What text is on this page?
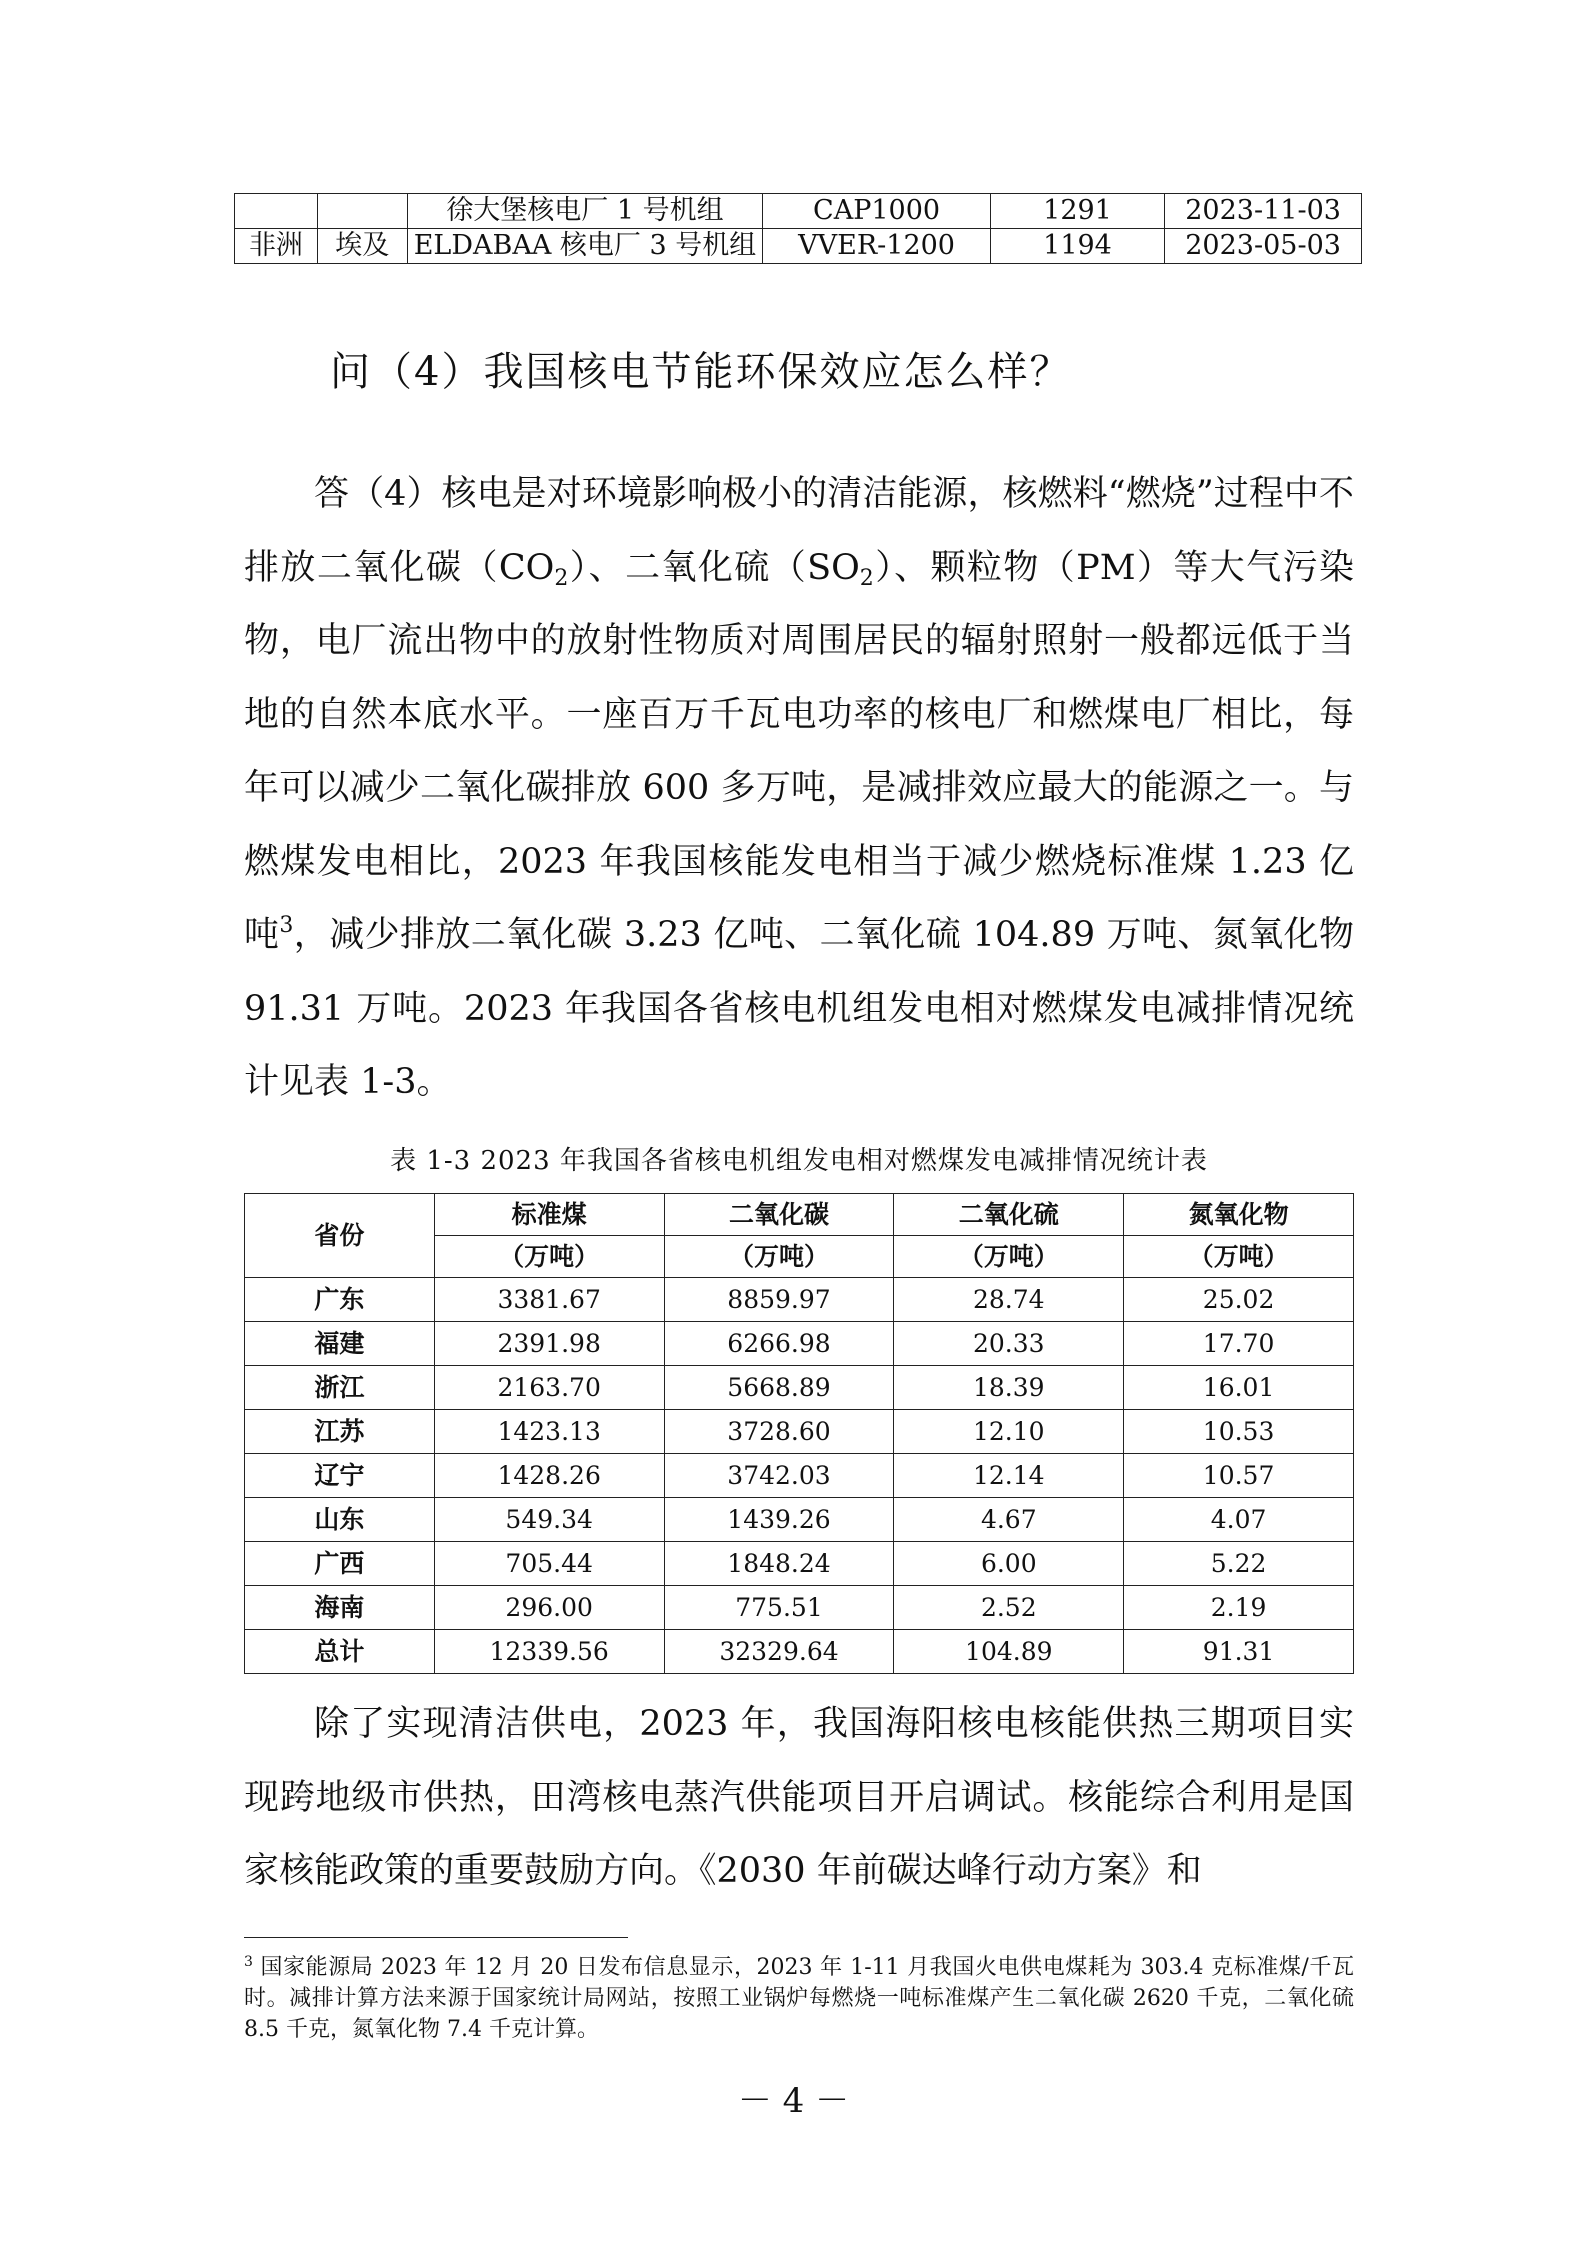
		徐大堡核电厂 1 号机组	CAP1000	1291	2023-11-03
非洲	埃及	ELDABAA 核电厂 3 号机组	VVER-1200	1194	2023-05-03
问（4）我国核电节能环保效应怎么样？

答（4）核电是对环境影响极小的清洁能源，核燃料“燃烧”过程中不排放二氧化碳$(CO_2)$、二氧化硫$(SO_2)$、颗粒物（PM）等大气污染物，电厂流出物中的放射性物质对周围居民的辐射照射一般都远低于当地的自然本底水平。一座百万千瓦电功率的核电厂和燃煤电厂相比，每年可以减少二氧化碳排放 600 多万吨，是减排效应最大的能源之一。与燃煤发电相比，2023 年我国核能发电相当于减少燃烧标准煤 1.23 亿吨$^3$，减少排放二氧化碳 3.23 亿吨、二氧化硫 104.89 万吨、氮氧化物 91.31 万吨。2023 年我国各省核电机组发电相对燃煤发电减排情况统计见表 1-3。

表 1-3 2023 年我国各省核电机组发电相对燃煤发电减排情况统计表
省份	标准煤	二氧化碳	二氧化硫	氮氧化物
	（万吨）	（万吨）	（万吨）	（万吨）
广东	3381.67	8859.97	28.74	25.02
福建	2391.98	6266.98	20.33	17.70
浙江	2163.70	5668.89	18.39	16.01
江苏	1423.13	3728.60	12.10	10.53
辽宁	1428.26	3742.03	12.14	10.57
山东	549.34	1439.26	4.67	4.07
广西	705.44	1848.24	6.00	5.22
海南	296.00	775.51	2.52	2.19
总计	12339.56	32329.64	104.89	91.31

除了实现清洁供电，2023 年，我国海阳核电核能供热三期项目实现跨地级市供热，田湾核电蒸汽供能项目开启调试。核能综合利用是国家核能政策的重要鼓励方向。《2030 年前碳达峰行动方案》和

$^3$ 国家能源局 2023 年 12 月 20 日发布信息显示，2023 年 1-11 月我国火电供电煤耗为 303.4 克标准煤/千瓦时。减排计算方法来源于国家统计局网站，按照工业锅炉每燃烧一吨标准煤产生二氧化碳 2620 千克，二氧化硫 8.5 千克，氮氧化物 7.4 千克计算。
－ 4 －
